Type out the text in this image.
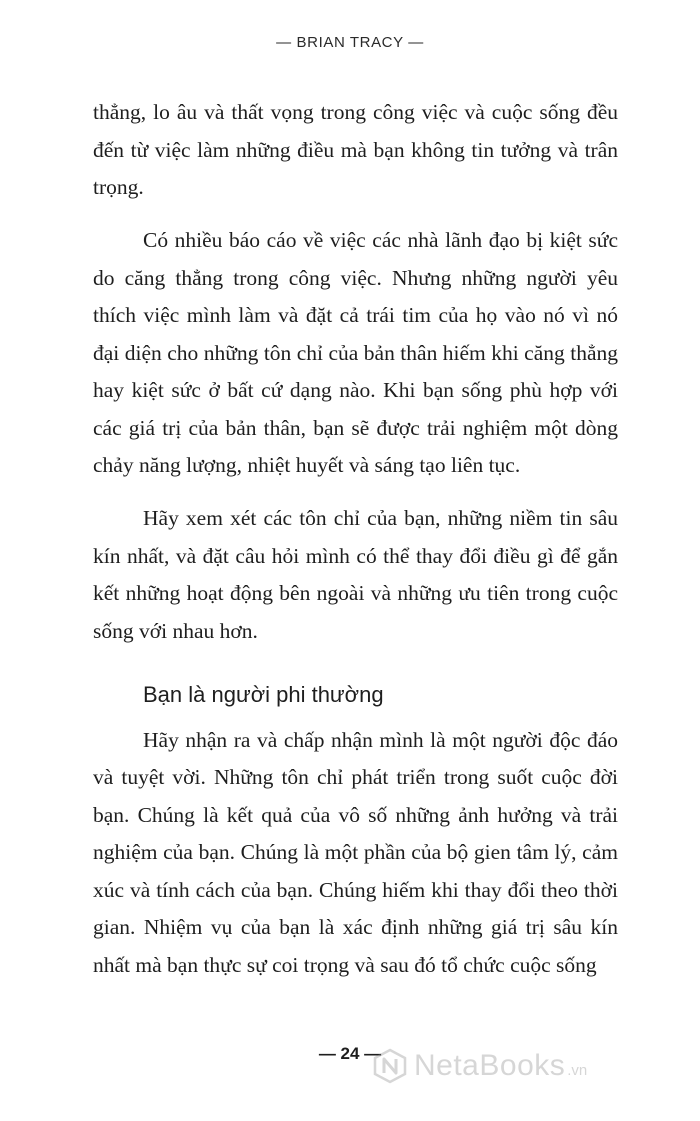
— BRIAN TRACY —

thẳng, lo âu và thất vọng trong công việc và cuộc sống đều đến từ việc làm những điều mà bạn không tin tưởng và trân trọng.

Có nhiều báo cáo về việc các nhà lãnh đạo bị kiệt sức do căng thẳng trong công việc. Nhưng những người yêu thích việc mình làm và đặt cả trái tim của họ vào nó vì nó đại diện cho những tôn chỉ của bản thân hiếm khi căng thẳng hay kiệt sức ở bất cứ dạng nào. Khi bạn sống phù hợp với các giá trị của bản thân, bạn sẽ được trải nghiệm một dòng chảy năng lượng, nhiệt huyết và sáng tạo liên tục.

Hãy xem xét các tôn chỉ của bạn, những niềm tin sâu kín nhất, và đặt câu hỏi mình có thể thay đổi điều gì để gắn kết những hoạt động bên ngoài và những ưu tiên trong cuộc sống với nhau hơn.

Bạn là người phi thường

Hãy nhận ra và chấp nhận mình là một người độc đáo và tuyệt vời. Những tôn chỉ phát triển trong suốt cuộc đời bạn. Chúng là kết quả của vô số những ảnh hưởng và trải nghiệm của bạn. Chúng là một phần của bộ gien tâm lý, cảm xúc và tính cách của bạn. Chúng hiếm khi thay đổi theo thời gian. Nhiệm vụ của bạn là xác định những giá trị sâu kín nhất mà bạn thực sự coi trọng và sau đó tổ chức cuộc sống

— 24 —	NetaBooks .vn
